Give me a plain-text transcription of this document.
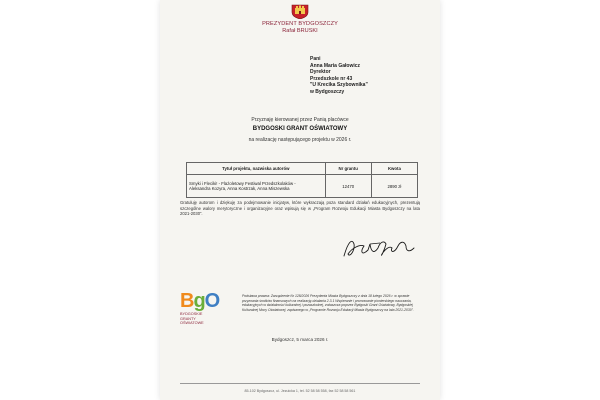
PREZYDENT BYDGOSZCZY
Rafał BRUSKI
Pani
Anna Maria Gałowicz
Dyrektor
Przedszkole nr 43
"U Krecika Szybownika"
w Bydgoszczy
Przyznaję kierowanej przez Panią placówce
BYDGOSKI GRANT OŚWIATOWY
na realizację następującego projektu w 2026 r.
Tytuł projektu, nazwiska autorów	Nr grantu	Kwota

Smyki i Fleciki! - Flażoletowy Festiwal Przedszkolaków -
Aleksandra Kozyra, Anna Kostrzak, Anna Miszewska	12470	2890 zł
Gratuluję autorom i dziękuję za podejmowanie inicjatyw, które wykraczają poza standard działań edukacyjnych, prezentują szczególne walory merytoryczne i organizacyjne oraz wpisują się w „Program Rozwoju Edukacji Miasta Bydgoszczy na lata 2021-2030”.
BgO
BYDGOSKIE
GRANTY
OŚWIATOWE
Podstawa prawna: Zarządzenie Nr 128/2026 Prezydenta Miasta Bydgoszczy z dnia 18 lutego 2026 r. w sprawie przyznania środków finansowych na realizację działania 2.3.1 Wspieranie i promowanie pionierskiego nauczania, edukacyjnych w działalności kulturalnej i pozaszkolnej, zwłaszcza poprzez Bydgoski Grant Oświatowy, Bydgoskiej Kulturalnej Mocy Oświatowej, zapisanego w „Programie Rozwoju Edukacji Miasta Bydgoszczy na lata 2021-2030”.
Bydgoszcz, 5 marca 2026 r.
85-102 Bydgoszcz, ul. Jezuicka 1, tel. 52 58 58 558, fax 52 58 58 561
